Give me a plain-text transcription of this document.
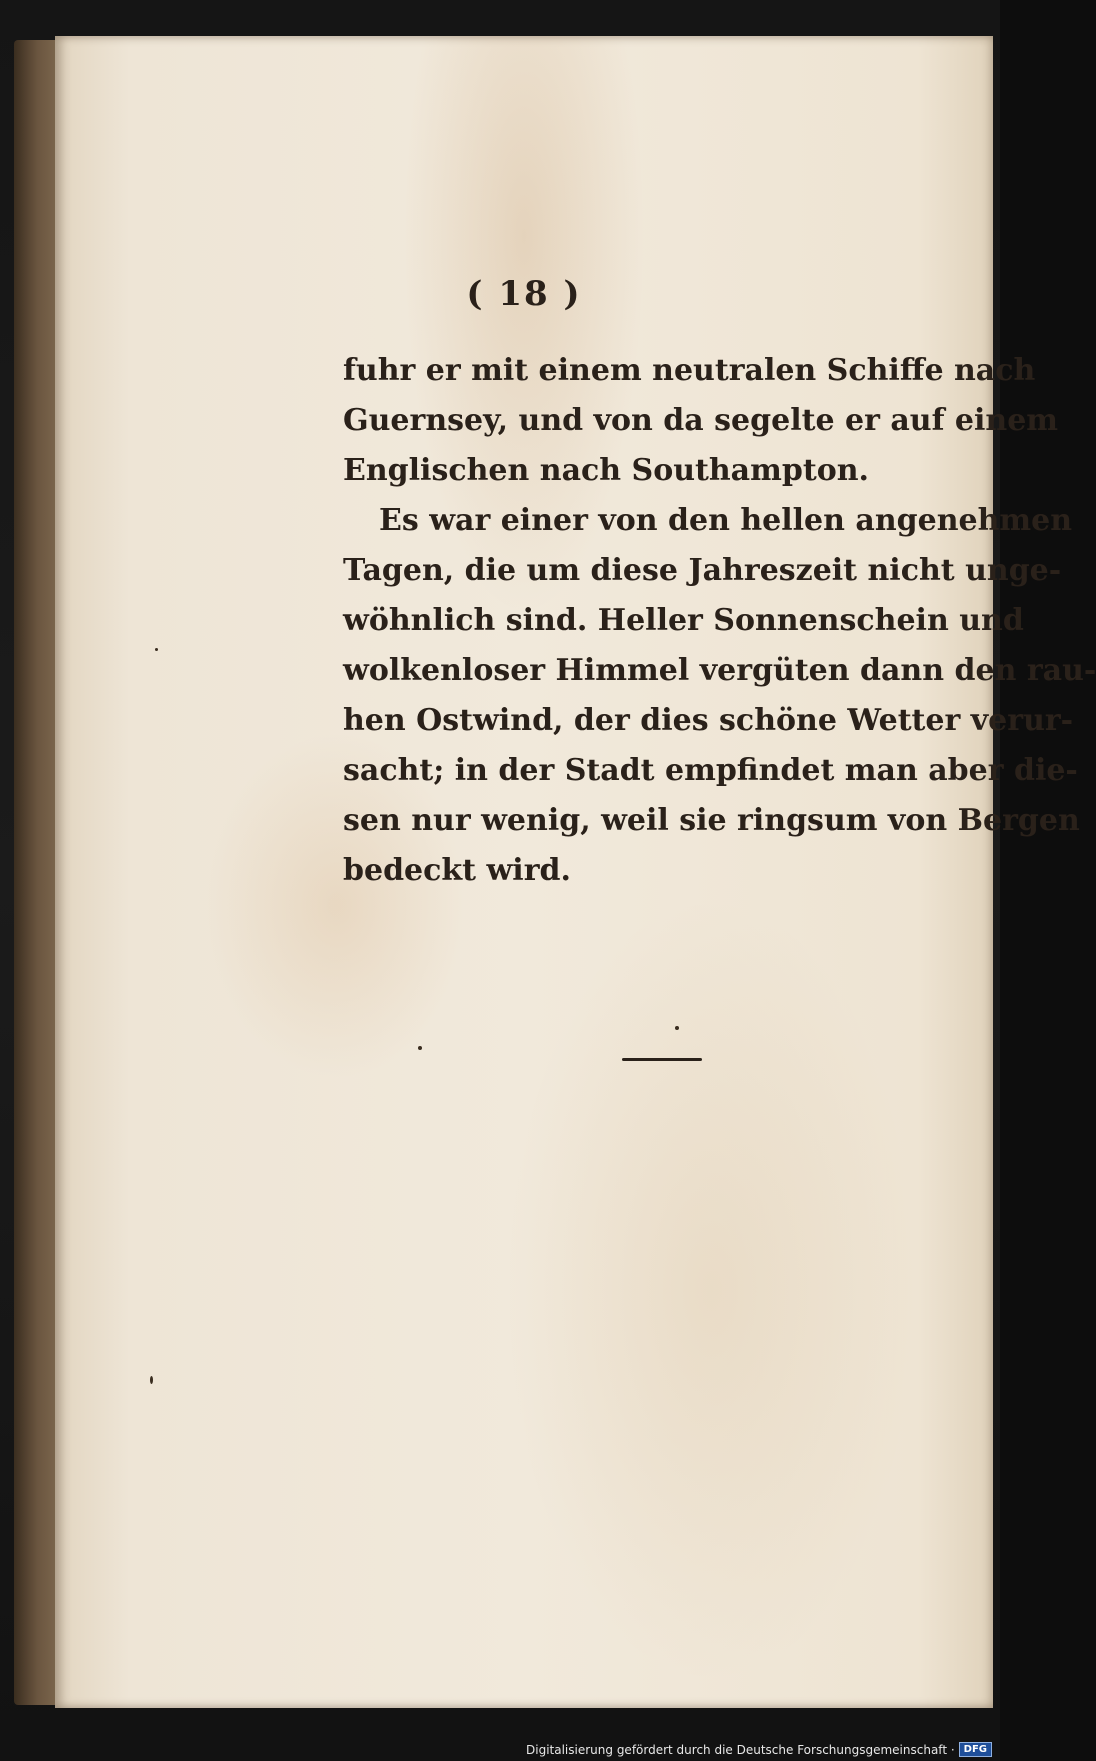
( 18 )
fuhr er mit einem neutralen Schiffe nach
Guernsey, und von da segelte er auf einem
Englischen nach Southampton.
Es war einer von den hellen angenehmen
Tagen, die um diese Jahreszeit nicht unge-
wöhnlich sind. Heller Sonnenschein und
wolkenloser Himmel vergüten dann den rau-
hen Ostwind, der dies schöne Wetter verur-
sacht; in der Stadt empfindet man aber die-
sen nur wenig, weil sie ringsum von Bergen
bedeckt wird.
Digitalisierung gefördert durch die Deutsche Forschungsgemeinschaft · DFG
